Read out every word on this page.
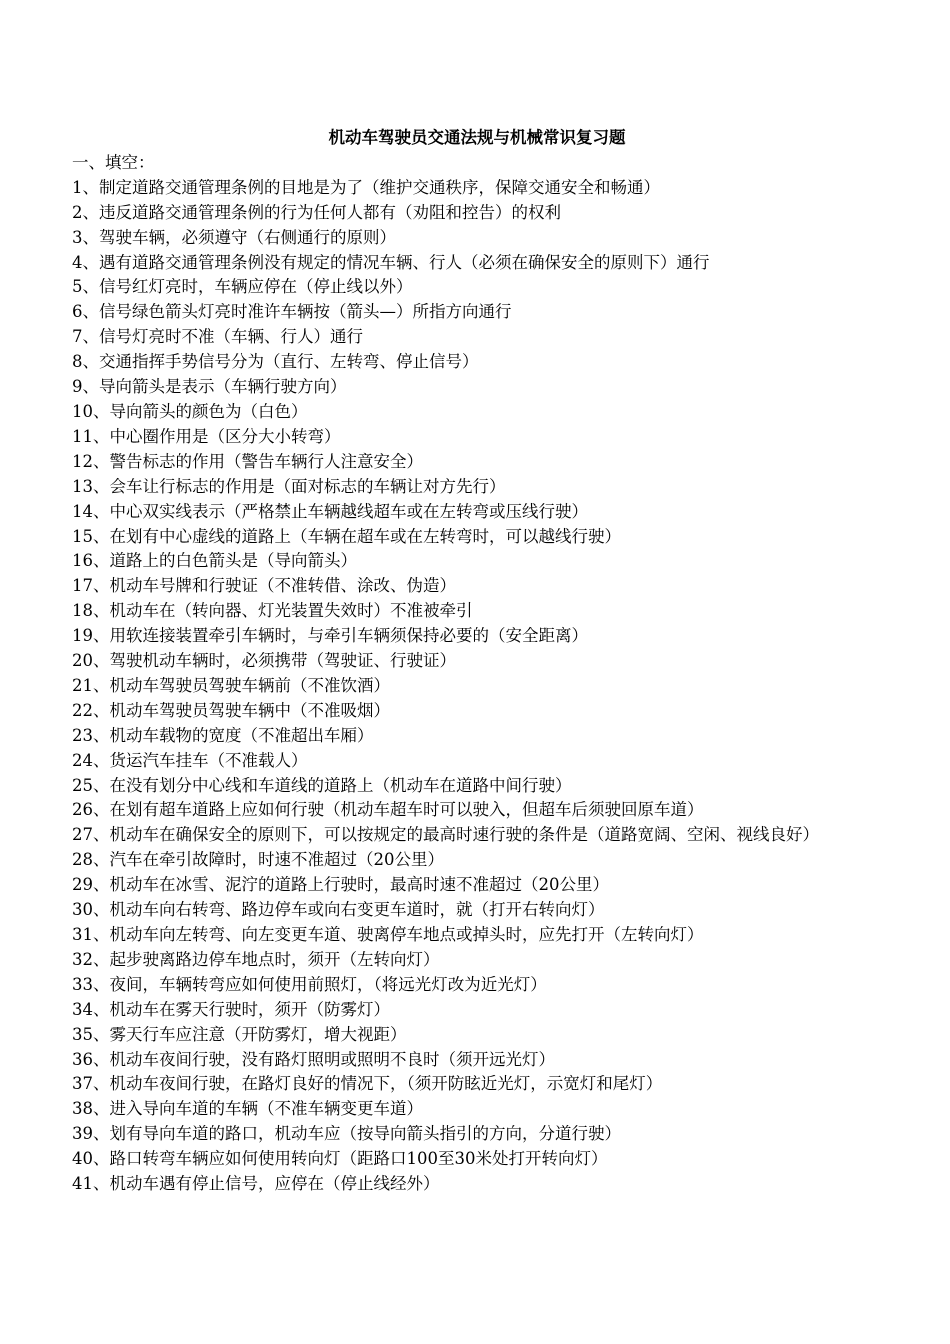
机动车驾驶员交通法规与机械常识复习题

一、填空：

1、制定道路交通管理条例的目地是为了（维护交通秩序，保障交通安全和畅通）
2、违反道路交通管理条例的行为任何人都有（劝阻和控告）的权利
3、驾驶车辆，必须遵守（右侧通行的原则）
4、遇有道路交通管理条例没有规定的情况车辆、行人（必须在确保安全的原则下）通行
5、信号红灯亮时，车辆应停在（停止线以外）
6、信号绿色箭头灯亮时准许车辆按（箭头—）所指方向通行
7、信号灯亮时不准（车辆、行人）通行
8、交通指挥手势信号分为（直行、左转弯、停止信号）
9、导向箭头是表示（车辆行驶方向）
10、导向箭头的颜色为（白色）
11、中心圈作用是（区分大小转弯）
12、警告标志的作用（警告车辆行人注意安全）
13、会车让行标志的作用是（面对标志的车辆让对方先行）
14、中心双实线表示（严格禁止车辆越线超车或在左转弯或压线行驶）
15、在划有中心虚线的道路上（车辆在超车或在左转弯时，可以越线行驶）
16、道路上的白色箭头是（导向箭头）
17、机动车号牌和行驶证（不准转借、涂改、伪造）
18、机动车在（转向器、灯光装置失效时）不准被牵引
19、用软连接装置牵引车辆时，与牵引车辆须保持必要的（安全距离）
20、驾驶机动车辆时，必须携带（驾驶证、行驶证）
21、机动车驾驶员驾驶车辆前（不准饮酒）
22、机动车驾驶员驾驶车辆中（不准吸烟）
23、机动车载物的宽度（不准超出车厢）
24、货运汽车挂车（不准载人）
25、在没有划分中心线和车道线的道路上（机动车在道路中间行驶）
26、在划有超车道路上应如何行驶（机动车超车时可以驶入，但超车后须驶回原车道）
27、机动车在确保安全的原则下，可以按规定的最高时速行驶的条件是（道路宽阔、空闲、视线良好）
28、汽车在牵引故障时，时速不准超过（20公里）
29、机动车在冰雪、泥泞的道路上行驶时，最高时速不准超过（20公里）
30、机动车向右转弯、路边停车或向右变更车道时，就（打开右转向灯）
31、机动车向左转弯、向左变更车道、驶离停车地点或掉头时，应先打开（左转向灯）
32、起步驶离路边停车地点时，须开（左转向灯）
33、夜间，车辆转弯应如何使用前照灯，（将远光灯改为近光灯）
34、机动车在雾天行驶时，须开（防雾灯）
35、雾天行车应注意（开防雾灯，增大视距）
36、机动车夜间行驶，没有路灯照明或照明不良时（须开远光灯）
37、机动车夜间行驶，在路灯良好的情况下，（须开防眩近光灯，示宽灯和尾灯）
38、进入导向车道的车辆（不准车辆变更车道）
39、划有导向车道的路口，机动车应（按导向箭头指引的方向，分道行驶）
40、路口转弯车辆应如何使用转向灯（距路口100至30米处打开转向灯）
41、机动车遇有停止信号，应停在（停止线经外）
